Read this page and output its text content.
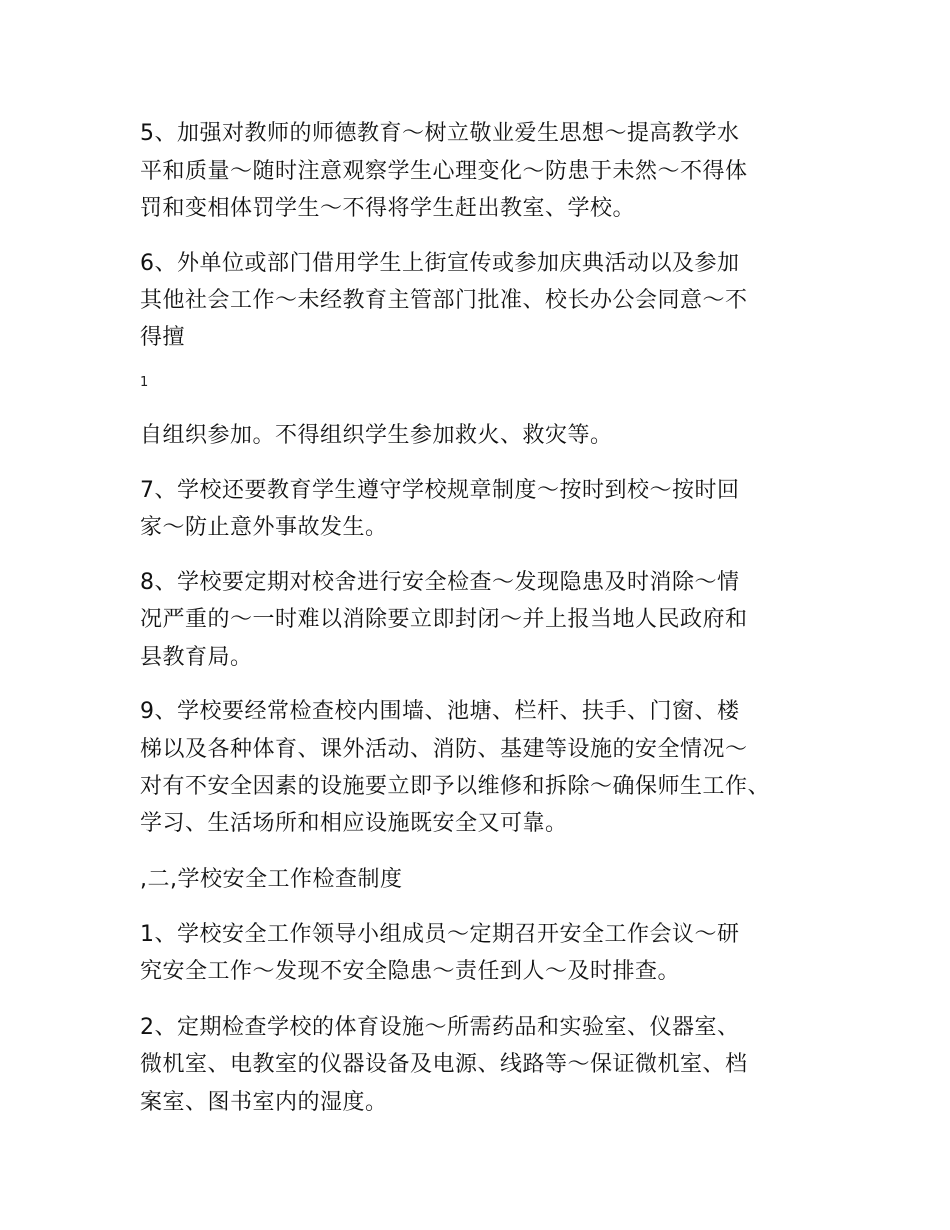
5、加强对教师的师德教育～树立敬业爱生思想～提高教学水

平和质量～随时注意观察学生心理变化～防患于未然～不得体

罚和变相体罚学生～不得将学生赶出教室、学校。

6、外单位或部门借用学生上街宣传或参加庆典活动以及参加

其他社会工作～未经教育主管部门批准、校长办公会同意～不

得擅

1

自组织参加。不得组织学生参加救火、救灾等。

7、学校还要教育学生遵守学校规章制度～按时到校～按时回

家～防止意外事故发生。

8、学校要定期对校舍进行安全检查～发现隐患及时消除～情

况严重的～一时难以消除要立即封闭～并上报当地人民政府和

县教育局。

9、学校要经常检查校内围墙、池塘、栏杆、扶手、门窗、楼

梯以及各种体育、课外活动、消防、基建等设施的安全情况～

对有不安全因素的设施要立即予以维修和拆除～确保师生工作、

学习、生活场所和相应设施既安全又可靠。

,二,学校安全工作检查制度

1、学校安全工作领导小组成员～定期召开安全工作会议～研

究安全工作～发现不安全隐患～责任到人～及时排查。

2、定期检查学校的体育设施～所需药品和实验室、仪器室、

微机室、电教室的仪器设备及电源、线路等～保证微机室、档

案室、图书室内的湿度。
